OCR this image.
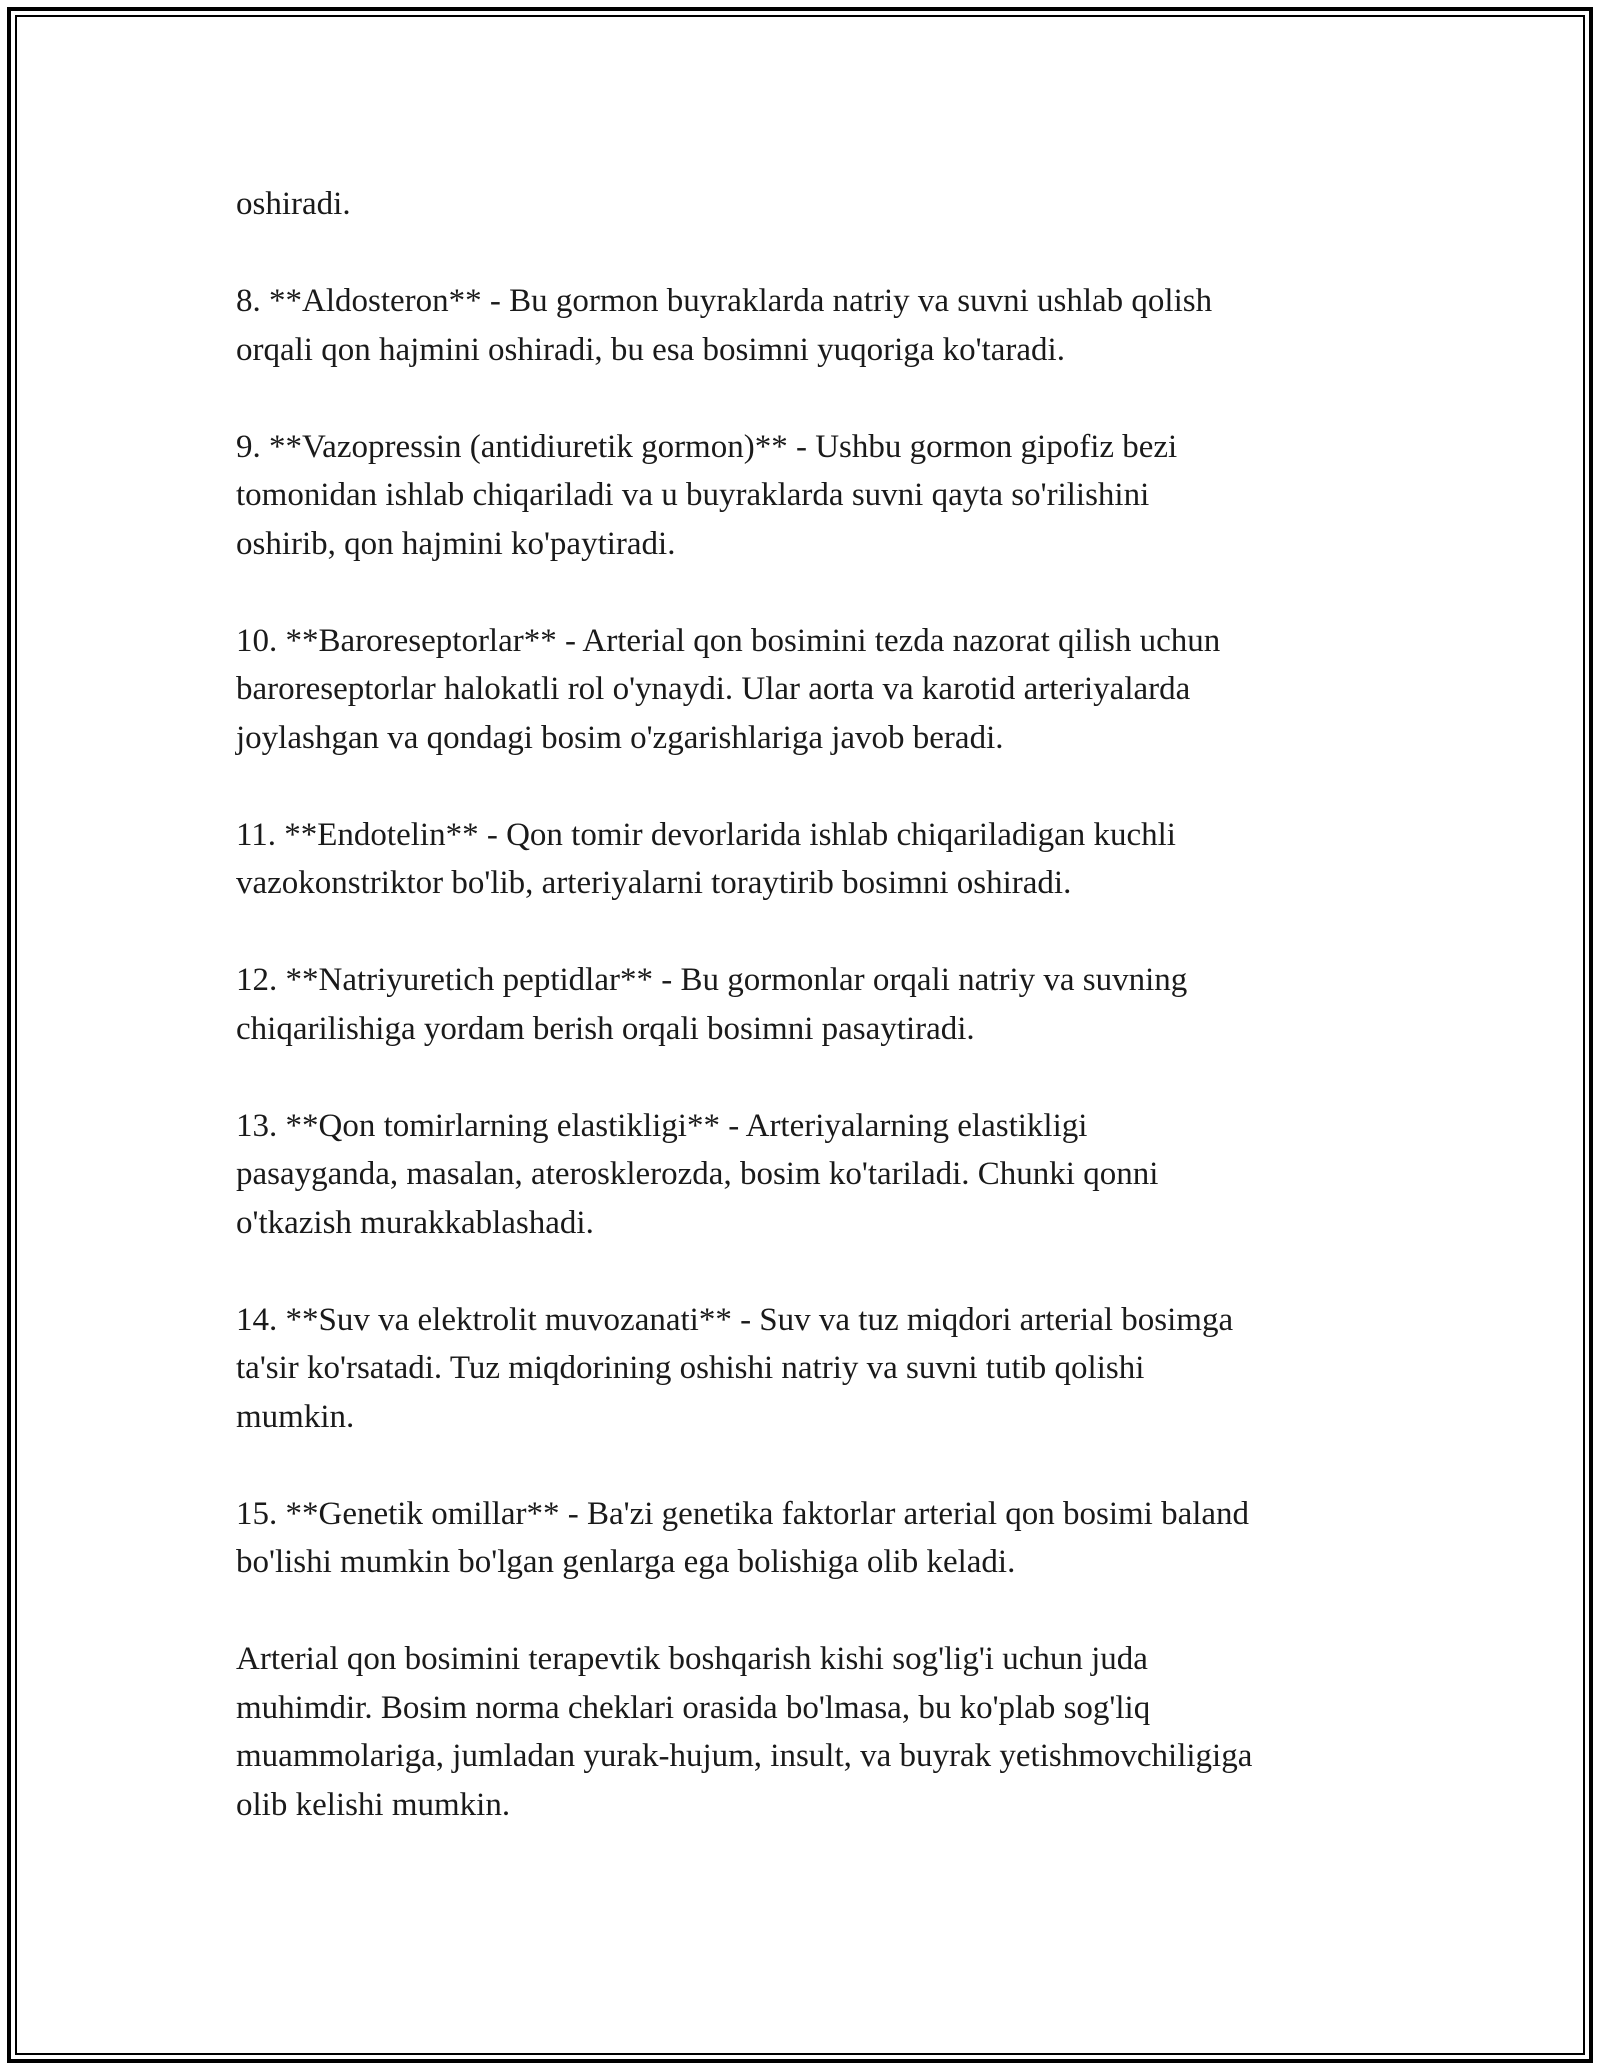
oshiradi.

8. **Aldosteron** - Bu gormon buyraklarda natriy va suvni ushlab qolish
orqali qon hajmini oshiradi, bu esa bosimni yuqoriga ko'taradi.

9. **Vazopressin (antidiuretik gormon)** - Ushbu gormon gipofiz bezi
tomonidan ishlab chiqariladi va u buyraklarda suvni qayta so'rilishini
oshirib, qon hajmini ko'paytiradi.

10. **Baroreseptorlar** - Arterial qon bosimini tezda nazorat qilish uchun
baroreseptorlar halokatli rol o'ynaydi. Ular aorta va karotid arteriyalarda
joylashgan va qondagi bosim o'zgarishlariga javob beradi.

11. **Endotelin** - Qon tomir devorlarida ishlab chiqariladigan kuchli
vazokonstriktor bo'lib, arteriyalarni toraytirib bosimni oshiradi.

12. **Natriyuretich peptidlar** - Bu gormonlar orqali natriy va suvning
chiqarilishiga yordam berish orqali bosimni pasaytiradi.

13. **Qon tomirlarning elastikligi** - Arteriyalarning elastikligi
pasayganda, masalan, aterosklerozda, bosim ko'tariladi. Chunki qonni
o'tkazish murakkablashadi.

14. **Suv va elektrolit muvozanati** - Suv va tuz miqdori arterial bosimga
ta'sir ko'rsatadi. Tuz miqdorining oshishi natriy va suvni tutib qolishi
mumkin.

15. **Genetik omillar** - Ba'zi genetika faktorlar arterial qon bosimi baland
bo'lishi mumkin bo'lgan genlarga ega bolishiga olib keladi.

Arterial qon bosimini terapevtik boshqarish kishi sog'lig'i uchun juda
muhimdir. Bosim norma cheklari orasida bo'lmasa, bu ko'plab sog'liq
muammolariga, jumladan yurak-hujum, insult, va buyrak yetishmovchiligiga
olib kelishi mumkin.
